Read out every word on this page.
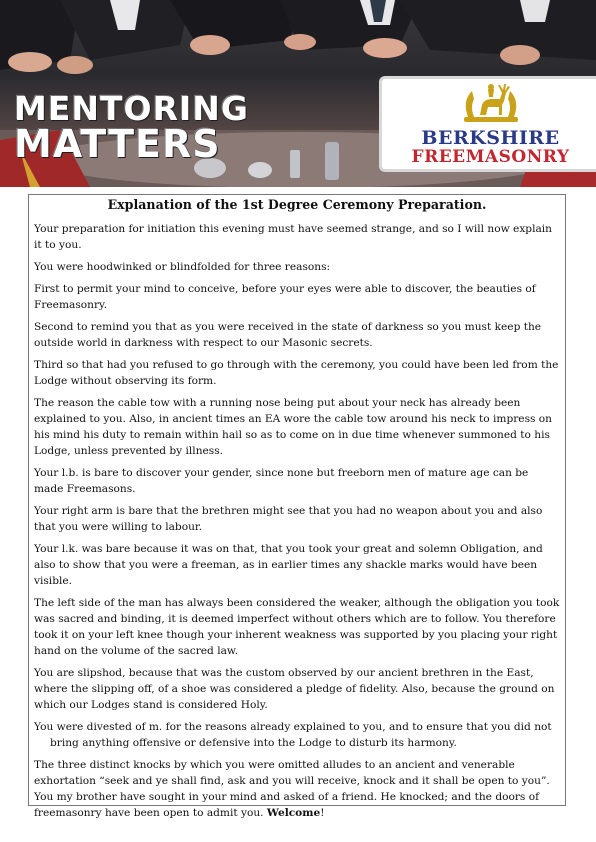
MENTORING
MATTERS	BERKSHIRE
FREEMASONRY
Explanation of the 1st Degree Ceremony Preparation.

Your preparation for initiation this evening must have seemed strange, and so I will now explain it to you.

You were hoodwinked or blindfolded for three reasons:

First to permit your mind to conceive, before your eyes were able to discover, the beauties of Freemasonry.

Second to remind you that as you were received in the state of darkness so you must keep the outside world in darkness with respect to our Masonic secrets.

Third so that had you refused to go through with the ceremony, you could have been led from the Lodge without observing its form.

The reason the cable tow with a running nose being put about your neck has already been explained to you. Also, in ancient times an EA wore the cable tow around his neck to impress on his mind his duty to remain within hail so as to come on in due time whenever summoned to his Lodge, unless prevented by illness.

Your l.b. is bare to discover your gender, since none but freeborn men of mature age can be made Freemasons.

Your right arm is bare that the brethren might see that you had no weapon about you and also that you were willing to labour.

Your l.k. was bare because it was on that, that you took your great and solemn Obligation, and also to show that you were a freeman, as in earlier times any shackle marks would have been visible.

The left side of the man has always been considered the weaker, although the obligation you took was sacred and binding, it is deemed imperfect without others which are to follow. You therefore took it on your left knee though your inherent weakness was supported by you placing your right hand on the volume of the sacred law.

You are slipshod, because that was the custom observed by our ancient brethren in the East, where the slipping off, of a shoe was considered a pledge of fidelity. Also, because the ground on which our Lodges stand is considered Holy.

You were divested of m. for the reasons already explained to you, and to ensure that you did not bring anything offensive or defensive into the Lodge to disturb its harmony.

The three distinct knocks by which you were omitted alludes to an ancient and venerable exhortation “seek and ye shall find, ask and you will receive, knock and it shall be open to you”. You my brother have sought in your mind and asked of a friend. He knocked; and the doors of freemasonry have been open to admit you. Welcome!
